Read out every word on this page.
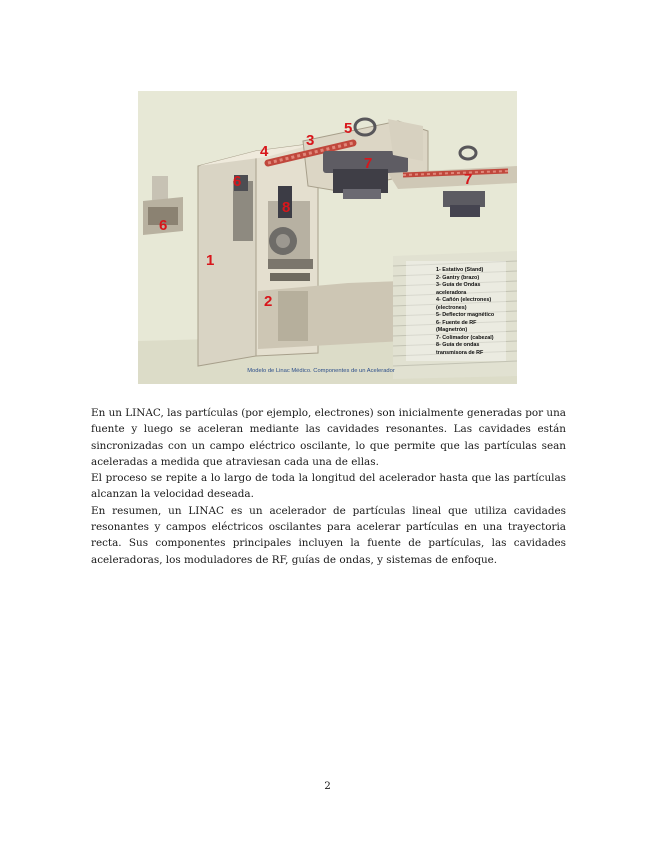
1
2
3
4
5
6
6
7
7
8
1- Estativo (Stand)
2- Gantry (brazo)
3- Guía de Ondas
aceleradora
4- Cañón (electrones)
(electrones)
5- Deflector magnético
6- Fuente de RF
(Magnetrón)
7- Colimador (cabezal)
8- Guía de ondas
transmisora de RF
Modelo de Linac Médico. Componentes de un Acelerador

En un LINAC, las partículas (por ejemplo, electrones) son inicialmente generadas por una fuente y luego se aceleran mediante las cavidades resonantes. Las cavidades están sincronizadas con un campo eléctrico oscilante, lo que permite que las partículas sean aceleradas a medida que atraviesan cada una de ellas.

El proceso se repite a lo largo de toda la longitud del acelerador hasta que las partículas alcanzan la velocidad deseada.

En resumen, un LINAC es un acelerador de partículas lineal que utiliza cavidades resonantes y campos eléctricos oscilantes para acelerar partículas en una trayectoria recta. Sus componentes principales incluyen la fuente de partículas, las cavidades aceleradoras, los moduladores de RF, guías de ondas, y sistemas de enfoque.

2
